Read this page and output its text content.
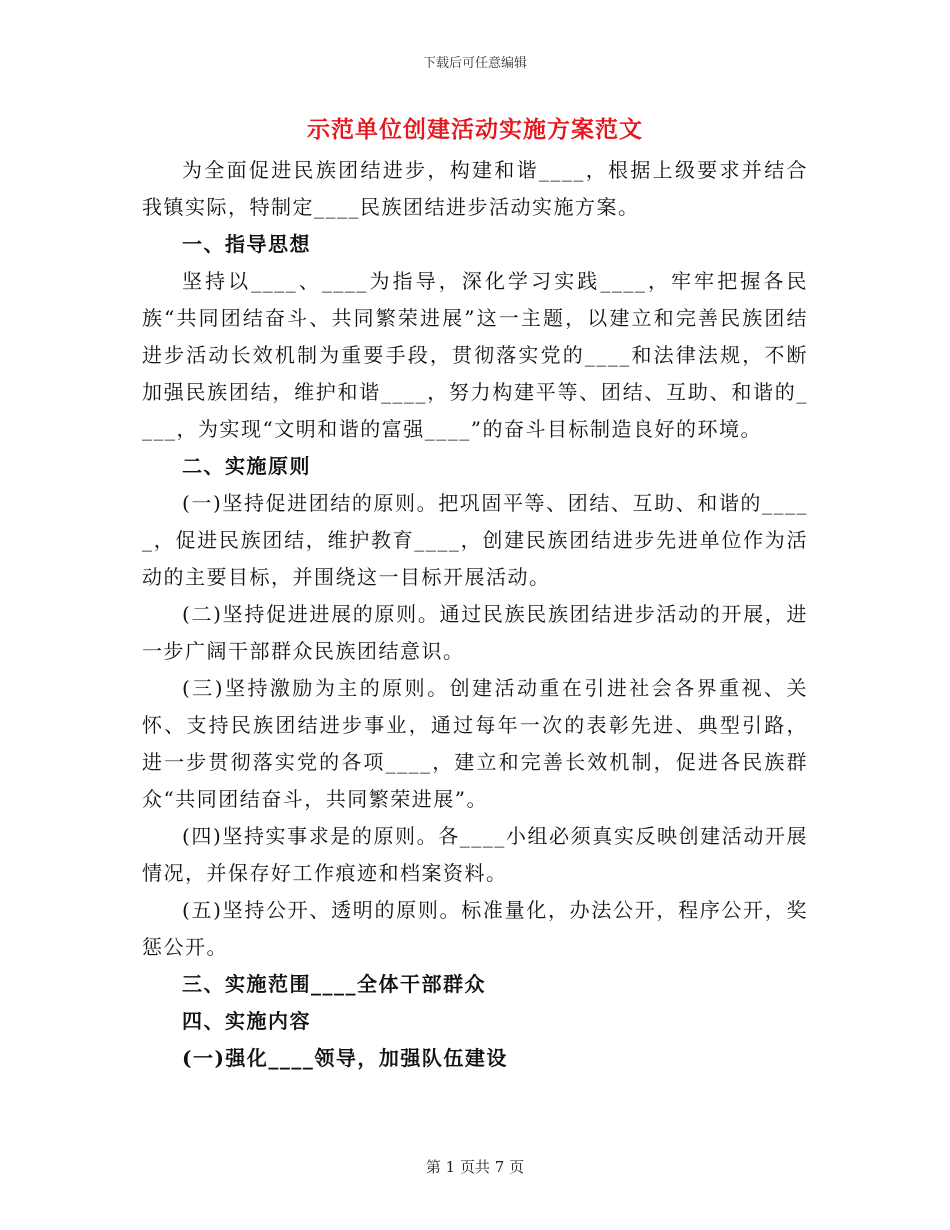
下载后可任意编辑
示范单位创建活动实施方案范文

为全面促进民族团结进步，构建和谐____，根据上级要求并结合我镇实际，特制定____民族团结进步活动实施方案。

一、指导思想

坚持以____、____为指导，深化学习实践____，牢牢把握各民族“共同团结奋斗、共同繁荣进展”这一主题，以建立和完善民族团结进步活动长效机制为重要手段，贯彻落实党的____和法律法规，不断加强民族团结，维护和谐____，努力构建平等、团结、互助、和谐的____，为实现“文明和谐的富强____”的奋斗目标制造良好的环境。

二、实施原则

(一)坚持促进团结的原则。把巩固平等、团结、互助、和谐的_____，促进民族团结，维护教育____，创建民族团结进步先进单位作为活动的主要目标，并围绕这一目标开展活动。

(二)坚持促进进展的原则。通过民族民族团结进步活动的开展，进一步广阔干部群众民族团结意识。

(三)坚持激励为主的原则。创建活动重在引进社会各界重视、关怀、支持民族团结进步事业，通过每年一次的表彰先进、典型引路，进一步贯彻落实党的各项____，建立和完善长效机制，促进各民族群众“共同团结奋斗，共同繁荣进展”。

(四)坚持实事求是的原则。各____小组必须真实反映创建活动开展情况，并保存好工作痕迹和档案资料。

(五)坚持公开、透明的原则。标准量化，办法公开，程序公开，奖惩公开。

三、实施范围____全体干部群众

四、实施内容

(一)强化____领导，加强队伍建设

第 1 页共 7 页
